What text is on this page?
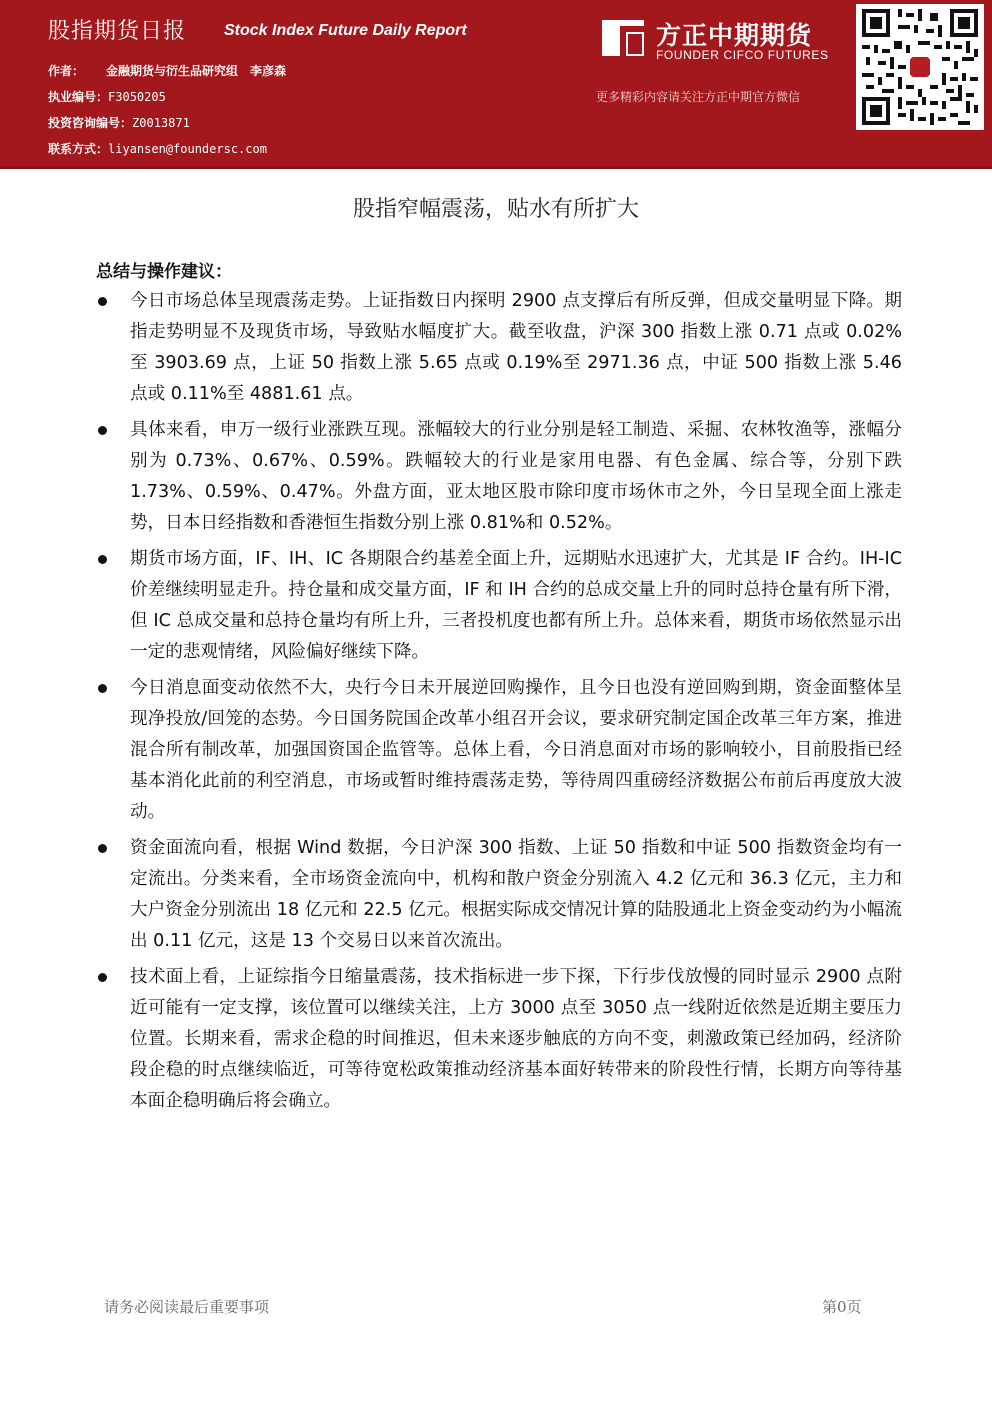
股指期货日报 Stock Index Future Daily Report
作者： 金融期货与衍生品研究组　李彦森
执业编号：F3050205
投资咨询编号：Z0013871
联系方式：liyansen@foundersc.com
方正中期期货
FOUNDER CIFCO FUTURES
更多精彩内容请关注方正中期官方微信
股指窄幅震荡，贴水有所扩大
总结与操作建议：
今日市场总体呈现震荡走势。上证指数日内探明 2900 点支撑后有所反弹，但成交量明显下降。期指走势明显不及现货市场，导致贴水幅度扩大。截至收盘，沪深 300 指数上涨 0.71 点或 0.02%至 3903.69 点，上证 50 指数上涨 5.65 点或 0.19%至 2971.36 点，中证 500 指数上涨 5.46 点或 0.11%至 4881.61 点。
具体来看，申万一级行业涨跌互现。涨幅较大的行业分别是轻工制造、采掘、农林牧渔等，涨幅分别为 0.73%、0.67%、0.59%。跌幅较大的行业是家用电器、有色金属、综合等，分别下跌 1.73%、0.59%、0.47%。外盘方面，亚太地区股市除印度市场休市之外，今日呈现全面上涨走势，日本日经指数和香港恒生指数分别上涨 0.81%和 0.52%。
期货市场方面，IF、IH、IC 各期限合约基差全面上升，远期贴水迅速扩大，尤其是 IF 合约。IH-IC 价差继续明显走升。持仓量和成交量方面，IF 和 IH 合约的总成交量上升的同时总持仓量有所下滑，但 IC 总成交量和总持仓量均有所上升，三者投机度也都有所上升。总体来看，期货市场依然显示出一定的悲观情绪，风险偏好继续下降。
今日消息面变动依然不大，央行今日未开展逆回购操作，且今日也没有逆回购到期，资金面整体呈现净投放/回笼的态势。今日国务院国企改革小组召开会议，要求研究制定国企改革三年方案，推进混合所有制改革，加强国资国企监管等。总体上看，今日消息面对市场的影响较小，目前股指已经基本消化此前的利空消息，市场或暂时维持震荡走势，等待周四重磅经济数据公布前后再度放大波动。
资金面流向看，根据 Wind 数据，今日沪深 300 指数、上证 50 指数和中证 500 指数资金均有一定流出。分类来看，全市场资金流向中，机构和散户资金分别流入 4.2 亿元和 36.3 亿元，主力和大户资金分别流出 18 亿元和 22.5 亿元。根据实际成交情况计算的陆股通北上资金变动约为小幅流出 0.11 亿元，这是 13 个交易日以来首次流出。
技术面上看，上证综指今日缩量震荡，技术指标进一步下探，下行步伐放慢的同时显示 2900 点附近可能有一定支撑，该位置可以继续关注，上方 3000 点至 3050 点一线附近依然是近期主要压力位置。长期来看，需求企稳的时间推迟，但未来逐步触底的方向不变，刺激政策已经加码，经济阶段企稳的时点继续临近，可等待宽松政策推动经济基本面好转带来的阶段性行情，长期方向等待基本面企稳明确后将会确立。
请务必阅读最后重要事项	第0页
